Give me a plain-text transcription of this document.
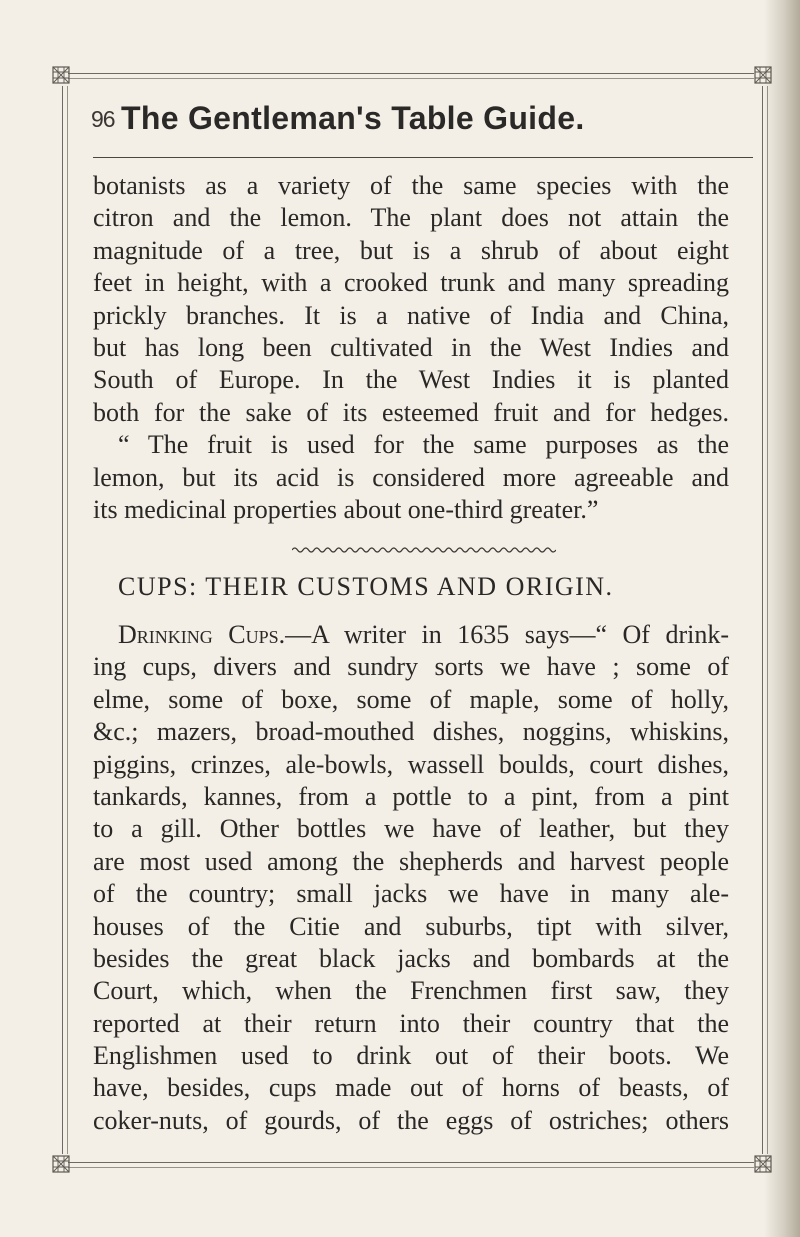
96 The Gentleman's Table Guide.
botanists as a variety of the same species with the
citron and the lemon. The plant does not attain the
magnitude of a tree, but is a shrub of about eight
feet in height, with a crooked trunk and many spreading
prickly branches. It is a native of India and China,
but has long been cultivated in the West Indies and
South of Europe. In the West Indies it is planted
both for the sake of its esteemed fruit and for hedges.
“ The fruit is used for the same purposes as the
lemon, but its acid is considered more agreeable and
its medicinal properties about one-third greater.”
CUPS: THEIR CUSTOMS AND ORIGIN.
Drinking Cups.—A writer in 1635 says—“ Of drink-
ing cups, divers and sundry sorts we have ; some of
elme, some of boxe, some of maple, some of holly,
&c.; mazers, broad-mouthed dishes, noggins, whiskins,
piggins, crinzes, ale-bowls, wassell boulds, court dishes,
tankards, kannes, from a pottle to a pint, from a pint
to a gill. Other bottles we have of leather, but they
are most used among the shepherds and harvest people
of the country; small jacks we have in many ale-
houses of the Citie and suburbs, tipt with silver,
besides the great black jacks and bombards at the
Court, which, when the Frenchmen first saw, they
reported at their return into their country that the
Englishmen used to drink out of their boots. We
have, besides, cups made out of horns of beasts, of
coker-nuts, of gourds, of the eggs of ostriches; others
